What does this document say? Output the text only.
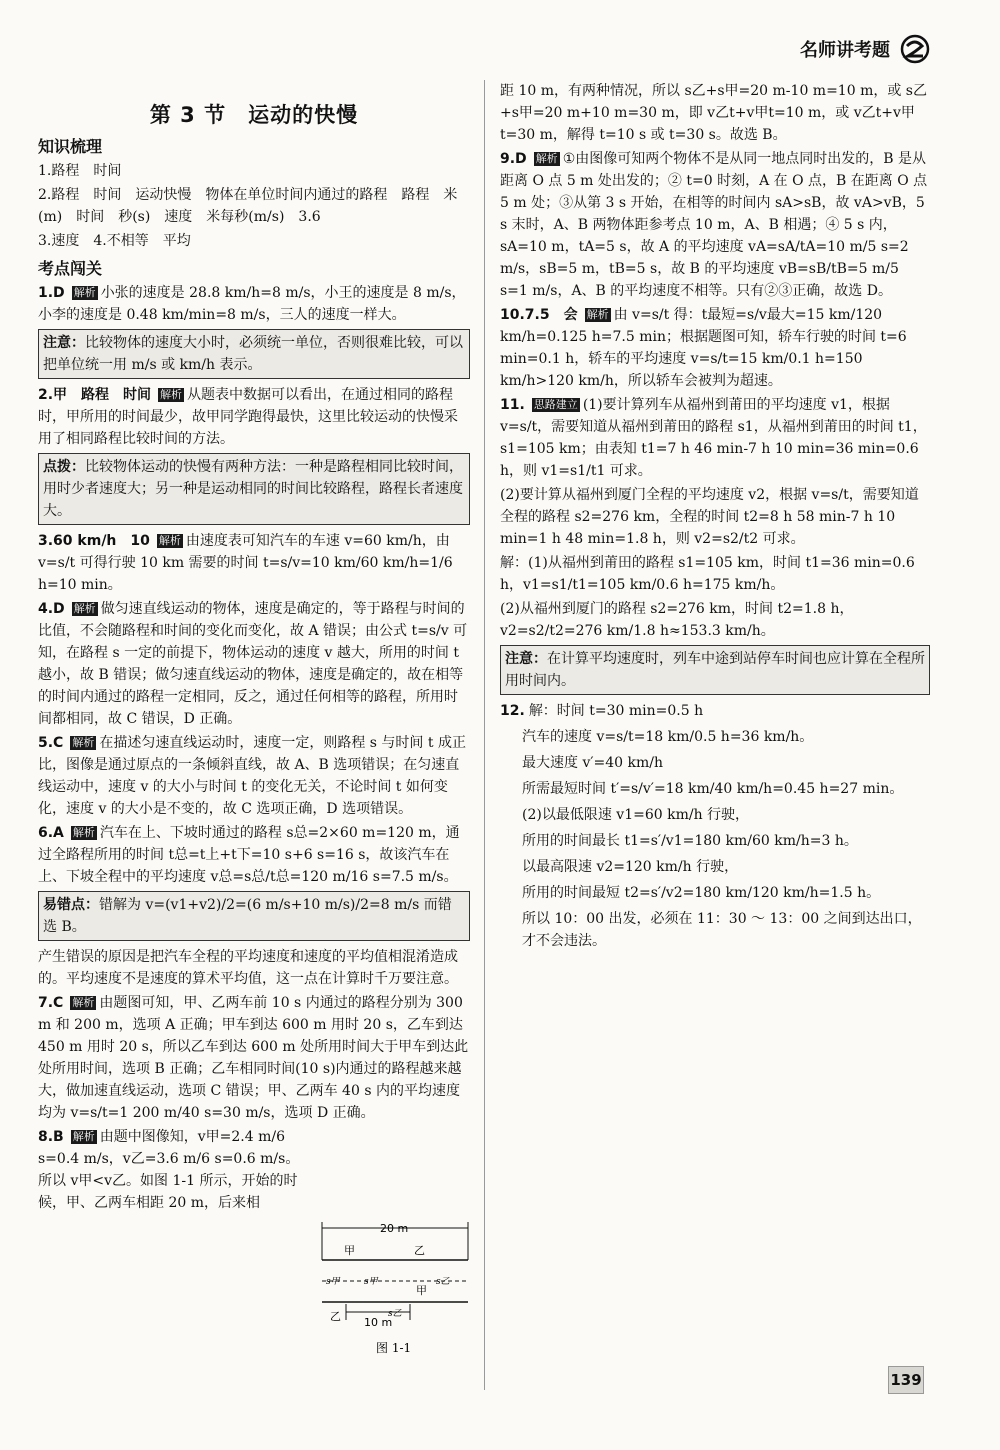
名师讲考题
第 3 节　运动的快慢
知识梳理
1.路程　时间
2.路程　时间　运动快慢　物体在单位时间内通过的路程　路程　米(m)　时间　秒(s)　速度　米每秒(m/s)　3.6
3.速度　4.不相等　平均
考点闯关
1.D 解析 小张的速度是 28.8 km/h=8 m/s，小王的速度是 8 m/s，小李的速度是 0.48 km/min=8 m/s，三人的速度一样大。
注意：比较物体的速度大小时，必须统一单位，否则很难比较，可以把单位统一用 m/s 或 km/h 表示。
2.甲　路程　时间 解析 从题表中数据可以看出，在通过相同的路程时，甲所用的时间最少，故甲同学跑得最快，这里比较运动的快慢采用了相同路程比较时间的方法。
点拨：比较物体运动的快慢有两种方法：一种是路程相同比较时间，用时少者速度大；另一种是运动相同的时间比较路程，路程长者速度大。
3.60 km/h　10 解析 由速度表可知汽车的车速 v=60 km/h，由 v=s/t 可得行驶 10 km 需要的时间 t=s/v=10 km/60 km/h=1/6 h=10 min。
4.D 解析 做匀速直线运动的物体，速度是确定的，等于路程与时间的比值，不会随路程和时间的变化而变化，故 A 错误；由公式 t=s/v 可知，在路程 s 一定的前提下，物体运动的速度 v 越大，所用的时间 t 越小，故 B 错误；做匀速直线运动的物体，速度是确定的，故在相等的时间内通过的路程一定相同，反之，通过任何相等的路程，所用时间都相同，故 C 错误，D 正确。
5.C 解析 在描述匀速直线运动时，速度一定，则路程 s 与时间 t 成正比，图像是通过原点的一条倾斜直线，故 A、B 选项错误；在匀速直线运动中，速度 v 的大小与时间 t 的变化无关，不论时间 t 如何变化，速度 v 的大小是不变的，故 C 选项正确，D 选项错误。
6.A 解析 汽车在上、下坡时通过的路程 s总=2×60 m=120 m，通过全路程所用的时间 t总=t上+t下=10 s+6 s=16 s，故该汽车在上、下坡全程中的平均速度 v总=s总/t总=120 m/16 s=7.5 m/s。
易错点：错解为 v=(v1+v2)/2=(6 m/s+10 m/s)/2=8 m/s 而错选 B。
产生错误的原因是把汽车全程的平均速度和速度的平均值相混淆造成的。平均速度不是速度的算术平均值，这一点在计算时千万要注意。
7.C 解析 由题图可知，甲、乙两车前 10 s 内通过的路程分别为 300 m 和 200 m，选项 A 正确；甲车到达 600 m 用时 20 s，乙车到达 450 m 用时 20 s，所以乙车到达 600 m 处所用时间大于甲车到达此处所用时间，选项 B 正确；乙车相同时间(10 s)内通过的路程越来越大，做加速直线运动，选项 C 错误；甲、乙两车 40 s 内的平均速度均为 v=s/t=1 200 m/40 s=30 m/s，选项 D 正确。
8.B 解析 由题中图像知，v甲=2.4 m/6 s=0.4 m/s，v乙=3.6 m/6 s=0.6 m/s。所以 v甲<v乙。如图 1-1 所示，开始的时候，甲、乙两车相距 20 m，后来相
20 m
甲	乙
甲
乙
s甲	s甲	s乙
s乙
10 m
图 1-1
距 10 m，有两种情况，所以 s乙+s甲=20 m-10 m=10 m，或 s乙+s甲=20 m+10 m=30 m，即 v乙t+v甲t=10 m，或 v乙t+v甲t=30 m，解得 t=10 s 或 t=30 s。故选 B。
9.D 解析 ①由图像可知两个物体不是从同一地点同时出发的，B 是从距离 O 点 5 m 处出发的；② t=0 时刻，A 在 O 点，B 在距离 O 点 5 m 处；③从第 3 s 开始，在相等的时间内 sA>sB，故 vA>vB，5 s 末时，A、B 两物体距参考点 10 m，A、B 相遇；④ 5 s 内，sA=10 m，tA=5 s，故 A 的平均速度 vA=sA/tA=10 m/5 s=2 m/s，sB=5 m，tB=5 s，故 B 的平均速度 vB=sB/tB=5 m/5 s=1 m/s，A、B 的平均速度不相等。只有②③正确，故选 D。
10.7.5　会 解析 由 v=s/t 得：t最短=s/v最大=15 km/120 km/h=0.125 h=7.5 min；根据题图可知，轿车行驶的时间 t=6 min=0.1 h，轿车的平均速度 v=s/t=15 km/0.1 h=150 km/h>120 km/h，所以轿车会被判为超速。
11. 思路建立 (1)要计算列车从福州到莆田的平均速度 v1，根据 v=s/t，需要知道从福州到莆田的路程 s1，从福州到莆田的时间 t1，s1=105 km；由表知 t1=7 h 46 min-7 h 10 min=36 min=0.6 h，则 v1=s1/t1 可求。
(2)要计算从福州到厦门全程的平均速度 v2，根据 v=s/t，需要知道全程的路程 s2=276 km，全程的时间 t2=8 h 58 min-7 h 10 min=1 h 48 min=1.8 h，则 v2=s2/t2 可求。
解：(1)从福州到莆田的路程 s1=105 km，时间 t1=36 min=0.6 h，v1=s1/t1=105 km/0.6 h=175 km/h。
(2)从福州到厦门的路程 s2=276 km，时间 t2=1.8 h，v2=s2/t2=276 km/1.8 h≈153.3 km/h。
注意：在计算平均速度时，列车中途到站停车时间也应计算在全程所用时间内。
12. 解：时间 t=30 min=0.5 h
汽车的速度 v=s/t=18 km/0.5 h=36 km/h。
最大速度 v′=40 km/h
所需最短时间 t′=s/v′=18 km/40 km/h=0.45 h=27 min。
(2)以最低限速 v1=60 km/h 行驶，
所用的时间最长 t1=s′/v1=180 km/60 km/h=3 h。
以最高限速 v2=120 km/h 行驶，
所用的时间最短 t2=s′/v2=180 km/120 km/h=1.5 h。
所以 10：00 出发，必须在 11：30 ～ 13：00 之间到达出口，才不会违法。
139
